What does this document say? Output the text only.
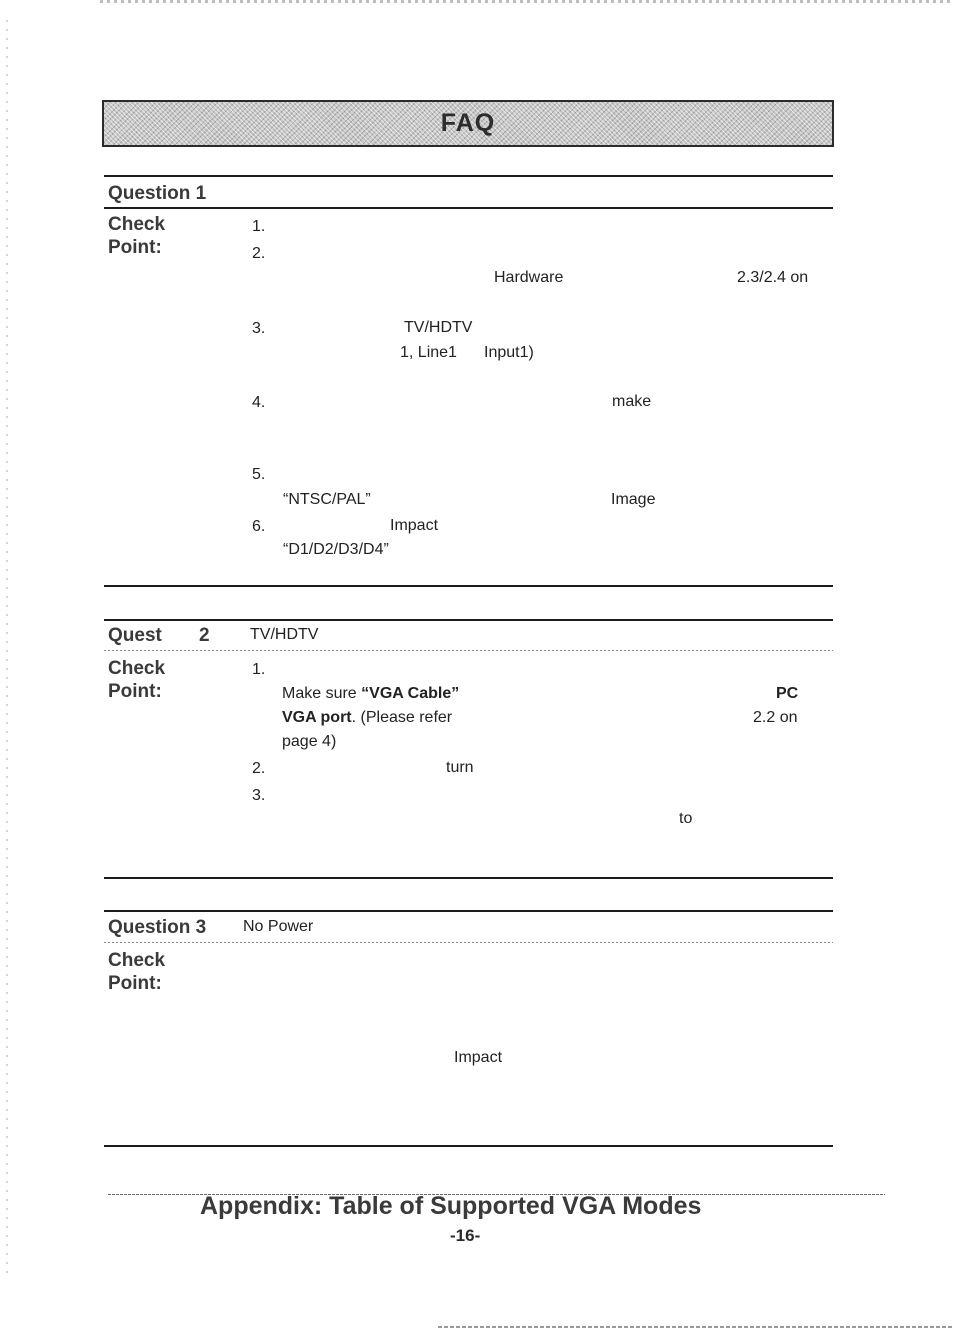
FAQ
Question 1
Check
Point:
1.
2.
Hardware	2.3/2.4 on
3.	TV/HDTV
1, Line1 Input1)
4.	make
5.
“NTSC/PAL”	Image
6.	Impact
“D1/D2/D3/D4”
Quest 2	TV/HDTV
Check
Point:
1.
Make sure “VGA Cable”	PC
VGA port. (Please refer	2.2 on
page 4)
2.	turn
3.
to
Question 3 No Power
Check
Point:
Impact
Appendix: Table of Supported VGA Modes
-16-
